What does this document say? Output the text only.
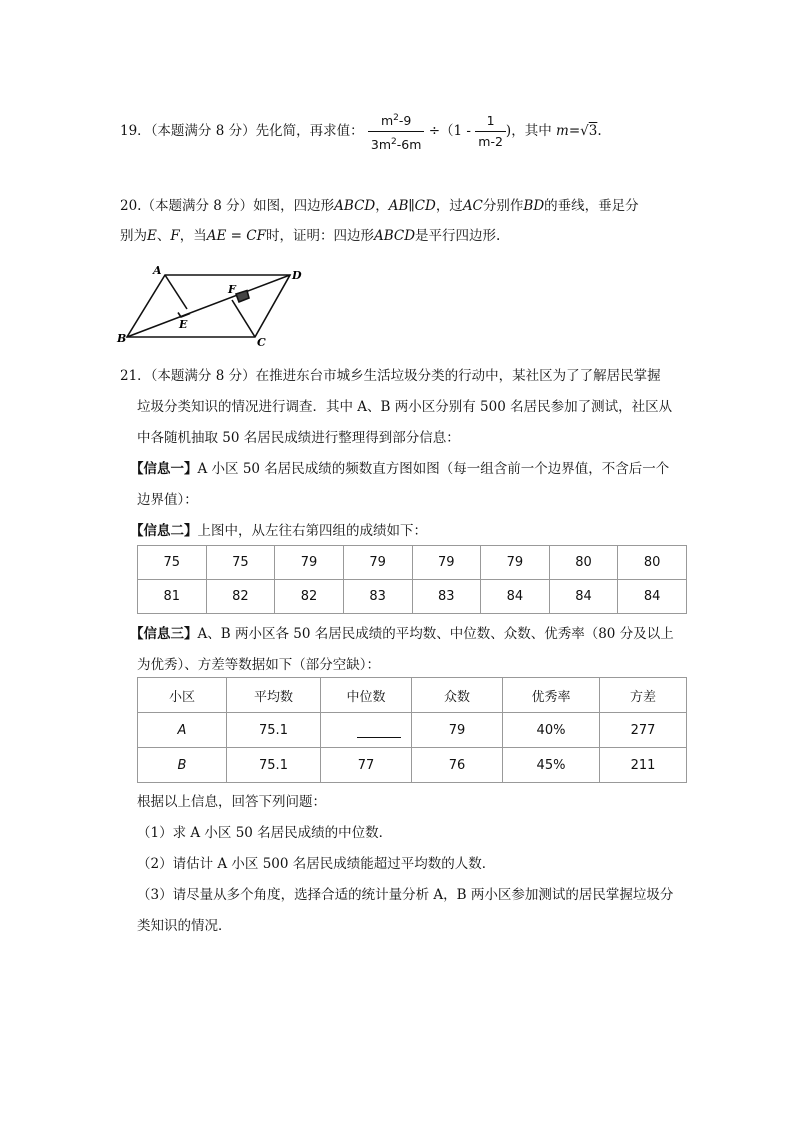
19．（本题满分 8 分）先化简，再求值： $\frac{m^2-9}{3m^2-6m} \div(1 - \frac{1}{m-2}$ )，其中 m=√3.
20.（本题满分 8 分）如图，四边形ABCD，AB∥CD，过AC分别作BD的垂线，垂足分
别为E、F，当AE = CF时，证明：四边形ABCD是平行四边形.
A	D
B	C
E
F
21．（本题满分 8 分）在推进东台市城乡生活垃圾分类的行动中，某社区为了了解居民掌握
垃圾分类知识的情况进行调查．其中 A、B 两小区分别有 500 名居民参加了测试，社区从
中各随机抽取 50 名居民成绩进行整理得到部分信息：
【信息一】A 小区 50 名居民成绩的频数直方图如图（每一组含前一个边界值，不含后一个
边界值）：
【信息二】上图中，从左往右第四组的成绩如下：
75	75	79	79	79	79	80	80
81	82	82	83	83	84	84	84
【信息三】A、B 两小区各 50 名居民成绩的平均数、中位数、众数、优秀率（80 分及以上
为优秀）、方差等数据如下（部分空缺）：
小区	平均数	中位数	众数	优秀率	方差
A	75.1		79	40%	277
B	75.1	77	76	45%	211
根据以上信息，回答下列问题：
（1）求 A 小区 50 名居民成绩的中位数．
（2）请估计 A 小区 500 名居民成绩能超过平均数的人数．
（3）请尽量从多个角度，选择合适的统计量分析 A，B 两小区参加测试的居民掌握垃圾分
类知识的情况．
